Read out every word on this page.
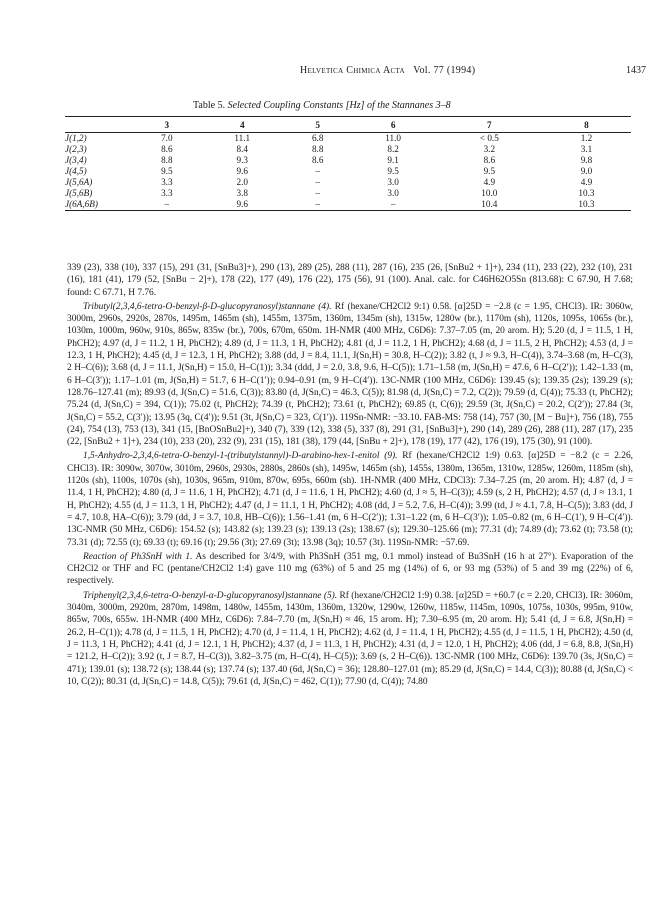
Helvetica Chimica Acta Vol. 77 (1994)	1437
Table 5. Selected Coupling Constants [Hz] of the Stannanes 3–8
	3	4	5	6	7	8
J(1,2)	7.0	11.1	6.8	11.0	< 0.5	1.2
J(2,3)	8.6	8.4	8.8	8.2	3.2	3.1
J(3,4)	8.8	9.3	8.6	9.1	8.6	9.8
J(4,5)	9.5	9.6	–	9.5	9.5	9.0
J(5,6A)	3.3	2.0	–	3.0	4.9	4.9
J(5,6B)	3.3	3.8	–	3.0	10.0	10.3
J(6A,6B)	–	9.6	–	–	10.4	10.3

339 (23), 338 (10), 337 (15), 291 (31, [SnBu3]+), 290 (13), 289 (25), 288 (11), 287 (16), 235 (26, [SnBu2 + 1]+), 234 (11), 233 (22), 232 (10), 231 (16), 181 (41), 179 (52, [SnBu − 2]+), 178 (22), 177 (49), 176 (22), 175 (56), 91 (100). Anal. calc. for C46H62O5Sn (813.68): C 67.90, H 7.68; found: C 67.71, H 7.76.

Tributyl(2,3,4,6-tetra-O-benzyl-β-D-glucopyranosyl)stannane (4). Rf (hexane/CH2Cl2 9:1) 0.58. [α]25D = −2.8 (c = 1.95, CHCl3). IR: 3060w, 3000m, 2960s, 2920s, 2870s, 1495m, 1465m (sh), 1455m, 1375m, 1360m, 1345m (sh), 1315w, 1280w (br.), 1170m (sh), 1120s, 1095s, 1065s (br.), 1030m, 1000m, 960w, 910s, 865w, 835w (br.), 700s, 670m, 650m. 1H-NMR (400 MHz, C6D6): 7.37–7.05 (m, 20 arom. H); 5.20 (d, J = 11.5, 1 H, PhCH2); 4.97 (d, J = 11.2, 1 H, PhCH2); 4.89 (d, J = 11.3, 1 H, PhCH2); 4.81 (d, J = 11.2, 1 H, PhCH2); 4.68 (d, J = 11.5, 2 H, PhCH2); 4.53 (d, J = 12.3, 1 H, PhCH2); 4.45 (d, J = 12.3, 1 H, PhCH2); 3.88 (dd, J = 8.4, 11.1, J(Sn,H) = 30.8, H–C(2)); 3.82 (t, J ≈ 9.3, H–C(4)), 3.74–3.68 (m, H–C(3), 2 H–C(6)); 3.68 (d, J = 11.1, J(Sn,H) = 15.0, H–C(1)); 3.34 (ddd, J = 2.0, 3.8, 9.6, H–C(5)); 1.71–1.58 (m, J(Sn,H) = 47.6, 6 H–C(2′)); 1.42–1.33 (m, 6 H–C(3′)); 1.17–1.01 (m, J(Sn,H) = 51.7, 6 H–C(1′)); 0.94–0.91 (m, 9 H–C(4′)). 13C-NMR (100 MHz, C6D6): 139.45 (s); 139.35 (2s); 139.29 (s); 128.76–127.41 (m); 89.93 (d, J(Sn,C) = 51.6, C(3)); 83.80 (d, J(Sn,C) = 46.3, C(5)); 81.98 (d, J(Sn,C) = 7.2, C(2)); 79.59 (d, C(4)); 75.33 (t, PhCH2); 75.24 (d, J(Sn,C) = 394, C(1)); 75.02 (t, PhCH2); 74.39 (t, PhCH2); 73.61 (t, PhCH2); 69.85 (t, C(6)); 29.59 (3t, J(Sn,C) = 20.2, C(2′)); 27.84 (3t, J(Sn,C) = 55.2, C(3′)); 13.95 (3q, C(4′)); 9.51 (3t, J(Sn,C) = 323, C(1′)). 119Sn-NMR: −33.10. FAB-MS: 758 (14), 757 (30, [M − Bu]+), 756 (18), 755 (24), 754 (13), 753 (13), 341 (15, [BnOSnBu2]+), 340 (7), 339 (12), 338 (5), 337 (8), 291 (31, [SnBu3]+), 290 (14), 289 (26), 288 (11), 287 (17), 235 (22, [SnBu2 + 1]+), 234 (10), 233 (20), 232 (9), 231 (15), 181 (38), 179 (44, [SnBu + 2]+), 178 (19), 177 (42), 176 (19), 175 (30), 91 (100).

1,5-Anhydro-2,3,4,6-tetra-O-benzyl-1-(tributylstannyl)-D-arabino-hex-1-enitol (9). Rf (hexane/CH2Cl2 1:9) 0.63. [α]25D = −8.2 (c = 2.26, CHCl3). IR: 3090w, 3070w, 3010m, 2960s, 2930s, 2880s, 2860s (sh), 1495w, 1465m (sh), 1455s, 1380m, 1365m, 1310w, 1285w, 1260m, 1185m (sh), 1120s (sh), 1100s, 1070s (sh), 1030s, 965m, 910m, 870w, 695s, 660m (sh). 1H-NMR (400 MHz, CDCl3): 7.34–7.25 (m, 20 arom. H); 4.87 (d, J = 11.4, 1 H, PhCH2); 4.80 (d, J = 11.6, 1 H, PhCH2); 4.71 (d, J = 11.6, 1 H, PhCH2); 4.60 (d, J ≈ 5, H–C(3)); 4.59 (s, 2 H, PhCH2); 4.57 (d, J ≈ 13.1, 1 H, PhCH2); 4.55 (d, J = 11.3, 1 H, PhCH2); 4.47 (d, J = 11.1, 1 H, PhCH2); 4.08 (dd, J = 5.2, 7.6, H–C(4)); 3.99 (td, J ≈ 4.1, 7.8, H–C(5)); 3.83 (dd, J = 4.7, 10.8, HA–C(6)); 3.79 (dd, J = 3.7, 10.8, HB–C(6)); 1.56–1.41 (m, 6 H–C(2′)); 1.31–1.22 (m, 6 H–C(3′)); 1.05–0.82 (m, 6 H–C(1′), 9 H–C(4′)). 13C-NMR (50 MHz, C6D6): 154.52 (s); 143.82 (s); 139.23 (s); 139.13 (2s); 138.67 (s); 129.30–125.66 (m); 77.31 (d); 74.89 (d); 73.62 (t); 73.58 (t); 73.31 (d); 72.55 (t); 69.33 (t); 69.16 (t); 29.56 (3t); 27.69 (3t); 13.98 (3q); 10.57 (3t). 119Sn-NMR: −57.69.

Reaction of Ph3SnH with 1. As described for 3/4/9, with Ph3SnH (351 mg, 0.1 mmol) instead of Bu3SnH (16 h at 27°). Evaporation of the CH2Cl2 or THF and FC (pentane/CH2Cl2 1:4) gave 110 mg (63%) of 5 and 25 mg (14%) of 6, or 93 mg (53%) of 5 and 39 mg (22%) of 6, respectively.

Triphenyl(2,3,4,6-tetra-O-benzyl-α-D-glucopyranosyl)stannane (5). Rf (hexane/CH2Cl2 1:9) 0.38. [α]25D = +60.7 (c = 2.20, CHCl3). IR: 3060m, 3040m, 3000m, 2920m, 2870m, 1498m, 1480w, 1455m, 1430m, 1360m, 1320w, 1290w, 1260w, 1185w, 1145m, 1090s, 1075s, 1030s, 995m, 910w, 865w, 700s, 655w. 1H-NMR (400 MHz, C6D6): 7.84–7.70 (m, J(Sn,H) ≈ 46, 15 arom. H); 7.30–6.95 (m, 20 arom. H); 5.41 (d, J = 6.8, J(Sn,H) = 26.2, H–C(1)); 4.78 (d, J = 11.5, 1 H, PhCH2); 4.70 (d, J = 11.4, 1 H, PhCH2); 4.62 (d, J = 11.4, 1 H, PhCH2); 4.55 (d, J = 11.5, 1 H, PhCH2); 4.50 (d, J = 11.3, 1 H, PhCH2); 4.41 (d, J = 12.1, 1 H, PhCH2); 4.37 (d, J = 11.3, 1 H, PhCH2); 4.31 (d, J = 12.0, 1 H, PhCH2); 4.06 (dd, J = 6.8, 8.8, J(Sn,H) = 121.2, H–C(2)); 3.92 (t, J = 8.7, H–C(3)), 3.82–3.75 (m, H–C(4), H–C(5)); 3.69 (s, 2 H–C(6)). 13C-NMR (100 MHz, C6D6): 139.70 (3s, J(Sn,C) = 471); 139.01 (s); 138.72 (s); 138.44 (s); 137.74 (s); 137.40 (6d, J(Sn,C) = 36); 128.80–127.01 (m); 85.29 (d, J(Sn,C) = 14.4, C(3)); 80.88 (d, J(Sn,C) < 10, C(2)); 80.31 (d, J(Sn,C) = 14.8, C(5)); 79.61 (d, J(Sn,C) = 462, C(1)); 77.90 (d, C(4)); 74.80
